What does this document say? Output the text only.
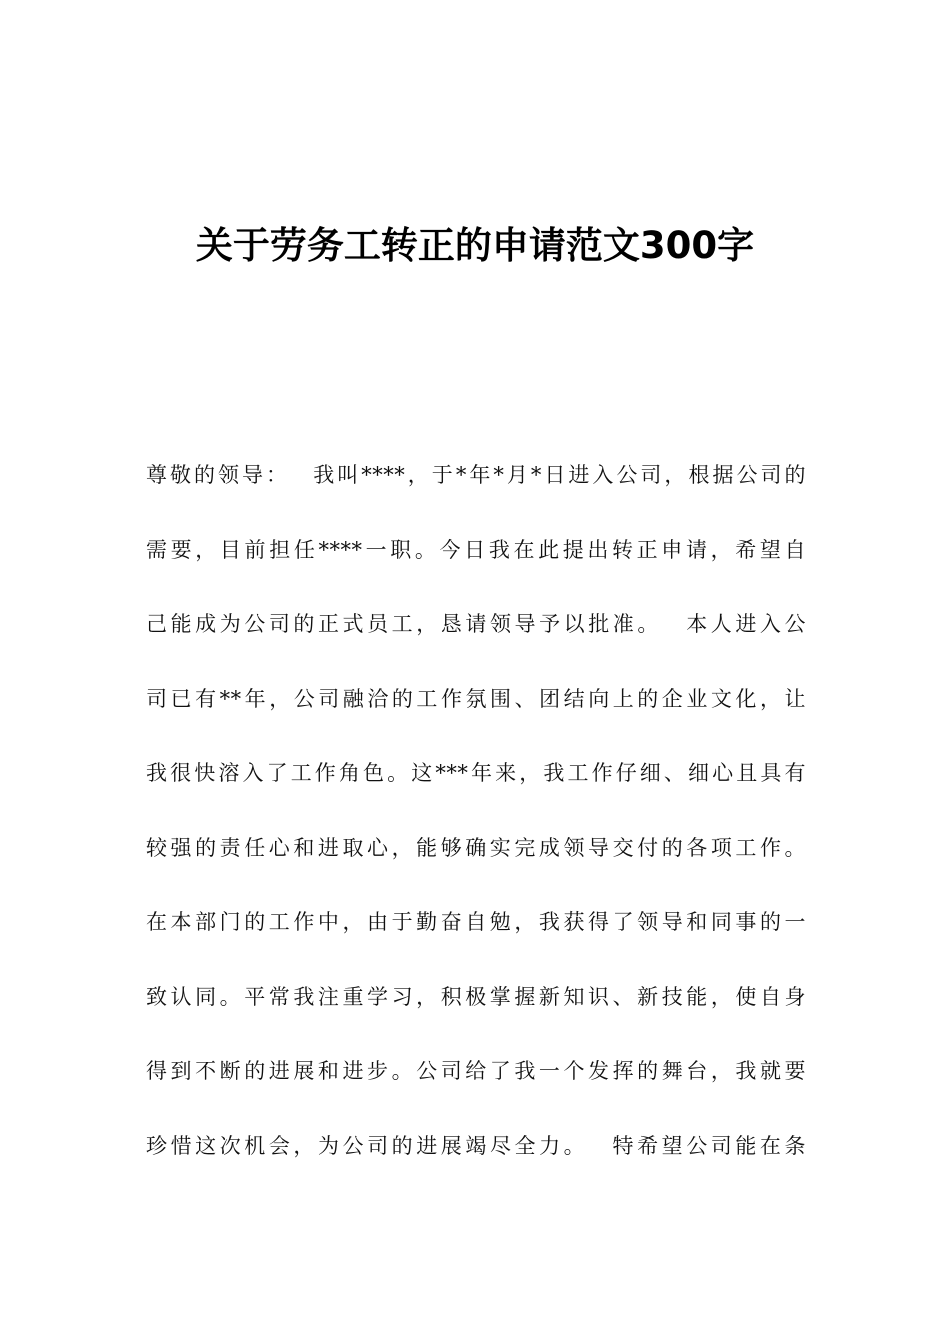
关于劳务工转正的申请范文300字
尊敬的领导：　 我叫****，于*年*月*日进入公司，根据公司的
需要，目前担任****一职。今日我在此提出转正申请，希望自
己能成为公司的正式员工，恳请领导予以批准。　 本人进入公
司已有**年，公司融洽的工作氛围、团结向上的企业文化，让
我很快溶入了工作角色。这***年来，我工作仔细、细心且具有
较强的责任心和进取心，能够确实完成领导交付的各项工作。
在本部门的工作中，由于勤奋自勉，我获得了领导和同事的一
致认同。平常我注重学习，积极掌握新知识、新技能，使自身
得到不断的进展和进步。公司给了我一个发挥的舞台，我就要
珍惜这次机会，为公司的进展竭尽全力。　 特希望公司能在条
